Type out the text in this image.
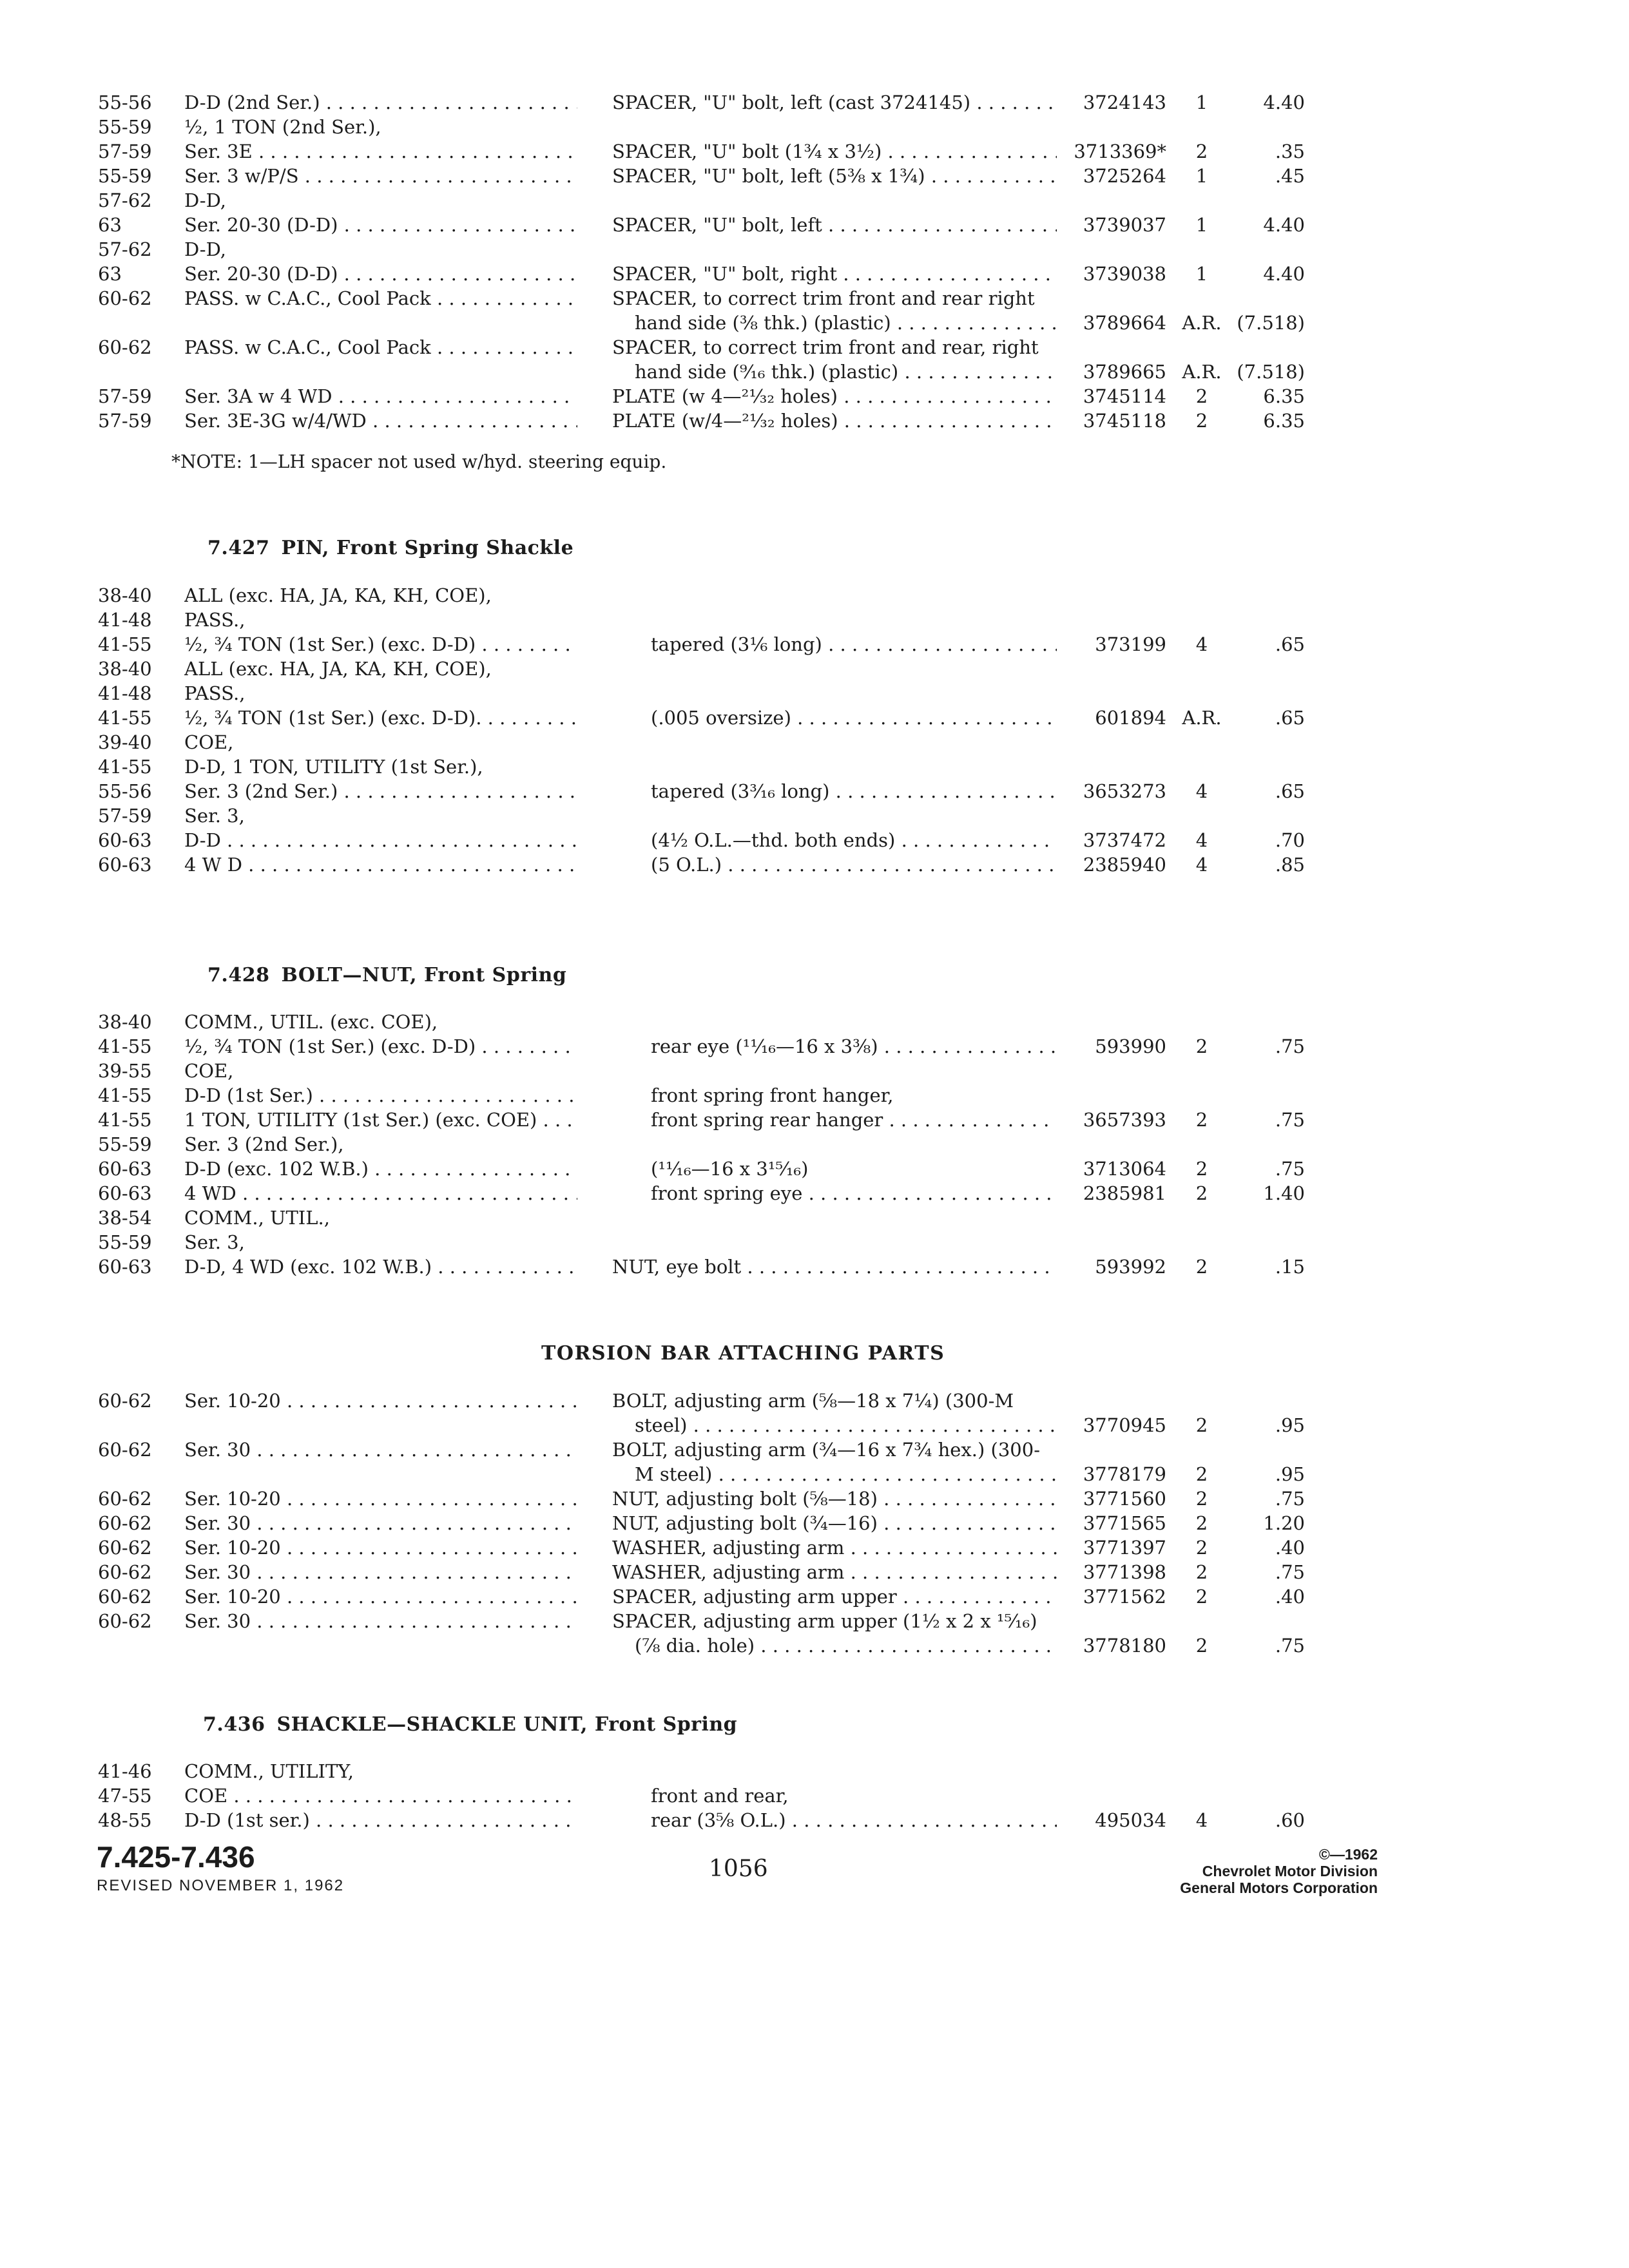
55-56 D-D (2nd Ser.) . . .	SPACER, "U" bolt, left (cast 3724145) . . .	3724143	1	4.40
55-59 ½, 1 TON (2nd Ser.),
57-59 Ser. 3E . . .	SPACER, "U" bolt (1¾ x 3½) . . .	3713369*	2	.35
55-59 Ser. 3 w/P/S . . .	SPACER, "U" bolt, left (5⅜ x 1¾) . . .	3725264	1	.45
57-62 D-D,
63	Ser. 20-30 (D-D) . . .	SPACER, "U" bolt, left . . .	3739037	1	4.40
57-62 D-D,
63	Ser. 20-30 (D-D) . . .	SPACER, "U" bolt, right . . .	3739038	1	4.40
60-62 PASS. w C.A.C., Cool Pack . . .	SPACER, to correct trim front and rear right
hand side (⅜ thk.) (plastic) . . .	3789664 A.R. (7.518)
60-62 PASS. w C.A.C., Cool Pack . . .	SPACER, to correct trim front and rear, right
hand side (⁹⁄₁₆ thk.) (plastic) . . .	3789665 A.R. (7.518)
57-59 Ser. 3A w 4 WD . . .	PLATE (w 4—²¹⁄₃₂ holes) . . .	3745114	2	6.35
57-59 Ser. 3E-3G w/4/WD . . .	PLATE (w/4—²¹⁄₃₂ holes) . . .	3745118	2	6.35
*NOTE: 1—LH spacer not used w/hyd. steering equip.
7.427 PIN, Front Spring Shackle
38-40 ALL (exc. HA, JA, KA, KH, COE),
41-48 PASS.,
41-55 ½, ¾ TON (1st Ser.) (exc. D-D) . . .	tapered (3⅙ long) . . .	373199	4	.65
38-40 ALL (exc. HA, JA, KA, KH, COE),
41-48 PASS.,
41-55 ½, ¾ TON (1st Ser.) (exc. D-D). . . .	(.005 oversize) . . .	601894 A.R.	.65
39-40 COE,
41-55 D-D, 1 TON, UTILITY (1st Ser.),
55-56 Ser. 3 (2nd Ser.) . . .	tapered (3³⁄₁₆ long) . . .	3653273	4	.65
57-59 Ser. 3,
60-63 D-D . . .	(4½ O.L.—thd. both ends) . . .	3737472	4	.70
60-63 4 W D . . .	(5 O.L.) . . .	2385940	4	.85
7.428 BOLT—NUT, Front Spring
38-40 COMM., UTIL. (exc. COE),
41-55 ½, ¾ TON (1st Ser.) (exc. D-D) . . .	rear eye (¹¹⁄₁₆—16 x 3⅜) . . .	593990	2	.75
39-55 COE,
41-55 D-D (1st Ser.) . . .	front spring front hanger,
41-55 1 TON, UTILITY (1st Ser.) (exc. COE) . . .	front spring rear hanger . . .	3657393	2	.75
55-59 Ser. 3 (2nd Ser.),
60-63 D-D (exc. 102 W.B.) . . .	(¹¹⁄₁₆—16 x 3¹⁵⁄₁₆)	3713064	2	.75
60-63 4 WD . . .	front spring eye . . .	2385981	2	1.40
38-54 COMM., UTIL.,
55-59 Ser. 3,
60-63 D-D, 4 WD (exc. 102 W.B.) . . .	NUT, eye bolt . . .	593992	2	.15
TORSION BAR ATTACHING PARTS
60-62 Ser. 10-20 . . .	BOLT, adjusting arm (⅝—18 x 7¼) (300-M
steel) . . .	3770945	2	.95
60-62 Ser. 30 . . .	BOLT, adjusting arm (¾—16 x 7¾ hex.) (300-
M steel) . . .	3778179	2	.95
60-62 Ser. 10-20 . . .	NUT, adjusting bolt (⅝—18) . . .	3771560	2	.75
60-62 Ser. 30 . . .	NUT, adjusting bolt (¾—16) . . .	3771565	2	1.20
60-62 Ser. 10-20 . . .	WASHER, adjusting arm . . .	3771397	2	.40
60-62 Ser. 30 . . .	WASHER, adjusting arm . . .	3771398	2	.75
60-62 Ser. 10-20 . . .	SPACER, adjusting arm upper . . .	3771562	2	.40
60-62 Ser. 30 . . .	SPACER, adjusting arm upper (1½ x 2 x ¹⁵⁄₁₆)
(⅞ dia. hole) . . .	3778180	2	.75
7.436 SHACKLE—SHACKLE UNIT, Front Spring
41-46 COMM., UTILITY,
47-55 COE . . .	front and rear,
48-55 D-D (1st ser.) . . .	rear (3⅝ O.L.) . . .	495034	4	.60
7.425-7.436
REVISED NOVEMBER 1, 1962
1056
©—1962
Chevrolet Motor Division
General Motors Corporation
